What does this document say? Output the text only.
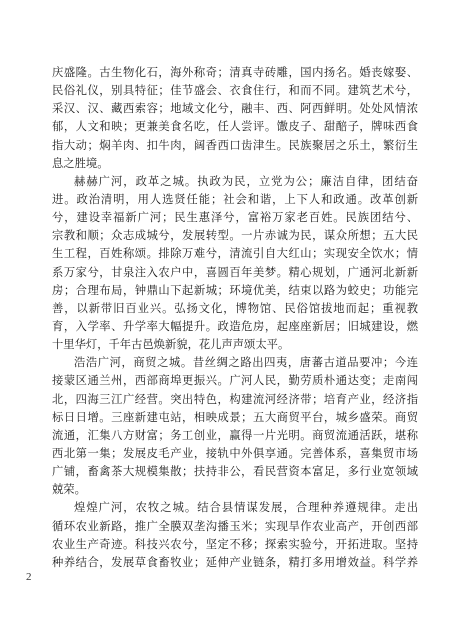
庆盛隆。古生物化石，海外称奇；清真寺砖雕，国内扬名。婚丧嫁娶、
民俗礼仪，别具特征；佳节盛会、衣食住行，和而不同。建筑艺术兮，
采汉、汉、藏西索容；地域文化兮，融丰、西、阿西鲜明。处处风情浓
郁，人文和映；更兼美食名吃，任人尝评。馓皮子、甜醅子，牌味西食
指大动；焖羊肉、扣牛肉，阔香西口齿津生。民族聚居之乐土，繁衍生
息之胜境。
赫赫广河，政革之城。执政为民，立党为公；廉洁自律，团结奋
进。政治清明，用人选贤任能；社会和谐，上下人和政通。改革创新
兮，建设幸福新广河；民生惠泽兮，富裕万家老百姓。民族团结兮、
宗教和顺；众志成城兮，发展转型。一片赤诚为民，谋众所想；五大民
生工程，百姓称颂。排除万难兮，清流引自大红山；实现安全饮水；情
系万家兮，甘泉注入农户中，喜圆百年美梦。精心规划，广通河北新新
房；合理布局，钟鼎山下起新城；环境优美，结束以路为蛟史；功能完
善，以新带旧百业兴。弘扬文化，博物馆、民俗馆拔地而起；重视教
育，入学率、升学率大幅提升。政造危房，起座座新居；旧城建设，燃
十里华灯，千年古邑焕新貌，花儿声声颂太平。
浩浩广河，商贸之城。昔丝绸之路出四夷，唐蕃古道品要冲；今连
接蒙区通兰州，西部商埠更振兴。广河人民，勤劳质朴通达变；走南闯
北，四海三江广经营。突出特色，构建流河经济带；培育产业，经济指
标日日增。三座新建屯站，相映成景；五大商贸平台，城乡盛荣。商贸
流通，汇集八方财富；务工创业，赢得一片光明。商贸流通活跃，堪称
西北第一集；发展皮毛产业，接轨中外俱享通。完善体系，喜集贸市场
广铺，畜禽茶大规模集散；扶持非公，看民营资本富足，多行业宽领域
兢荣。
煌煌广河，农牧之城。结合县情谋发展，合理种养遵规律。走出
循环农业新路，推广全膜双垄沟播玉米；实现旱作农业高产，开创西部
农业生产奇迹。科技兴农兮，坚定不移；探索实验兮，开拓进取。坚持
种养结合，发展草食畜牧业；延伸产业链条，精打多用增效益。科学养
2
